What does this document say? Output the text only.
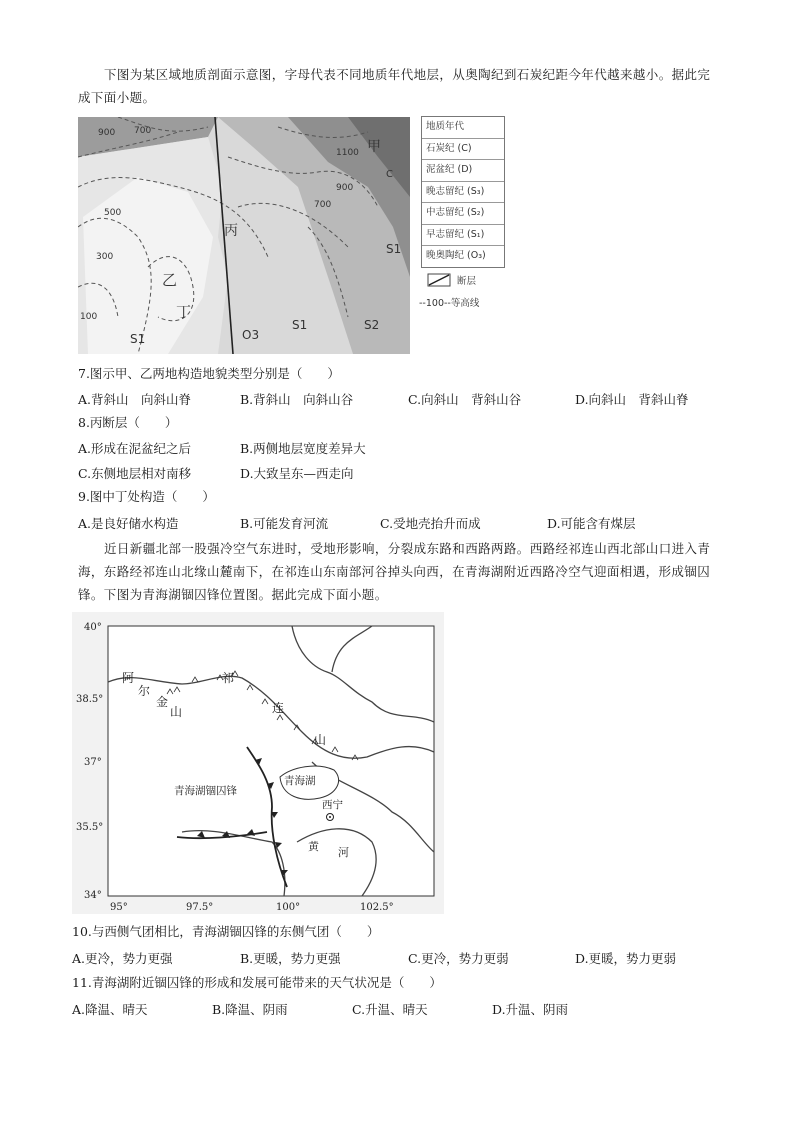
下图为某区域地质剖面示意图，字母代表不同地质年代地层，从奥陶纪到石炭纪距今年代越来越小。据此完成下面小题。
900 700
1100
900
700
500
300
100
甲
C
丙
乙
丁
S1
S1	S2
S1	O3
地质年代
石炭纪 (C)
泥盆纪 (D)
晚志留纪 (S₃)
中志留纪 (S₂)
早志留纪 (S₁)
晚奥陶纪 (O₃)
断层
--100--等高线
7.图示甲、乙两地构造地貌类型分别是（　　）
A.背斜山　向斜山脊	B.背斜山　向斜山谷	C.向斜山　背斜山谷	D.向斜山　背斜山脊
8.丙断层（　　）
A.形成在泥盆纪之后	B.两侧地层宽度差异大
C.东侧地层相对南移	D.大致呈东—西走向
9.图中丁处构造（　　）
A.是良好储水构造	B.可能发育河流	C.受地壳抬升而成	D.可能含有煤层
近日新疆北部一股强冷空气东进时，受地形影响，分裂成东路和西路两路。西路经祁连山西北部山口进入青海，东路经祁连山北缘山麓南下，在祁连山东南部河谷掉头向西，在青海湖附近西路冷空气迎面相遇，形成锢囚锋。下图为青海湖锢囚锋位置图。据此完成下面小题。
40°
38.5°
37°
35.5°
34°
95°	97.5°	100°	102.5°
阿
尔
金
山
祁
连
山
青海湖
青海湖锢囚锋
西宁
黄 河
10.与西侧气团相比，青海湖锢囚锋的东侧气团（　　）
A.更冷，势力更强	B.更暖，势力更强	C.更冷，势力更弱	D.更暖，势力更弱
11.青海湖附近锢囚锋的形成和发展可能带来的天气状况是（　　）
A.降温、晴天	B.降温、阴雨	C.升温、晴天	D.升温、阴雨
